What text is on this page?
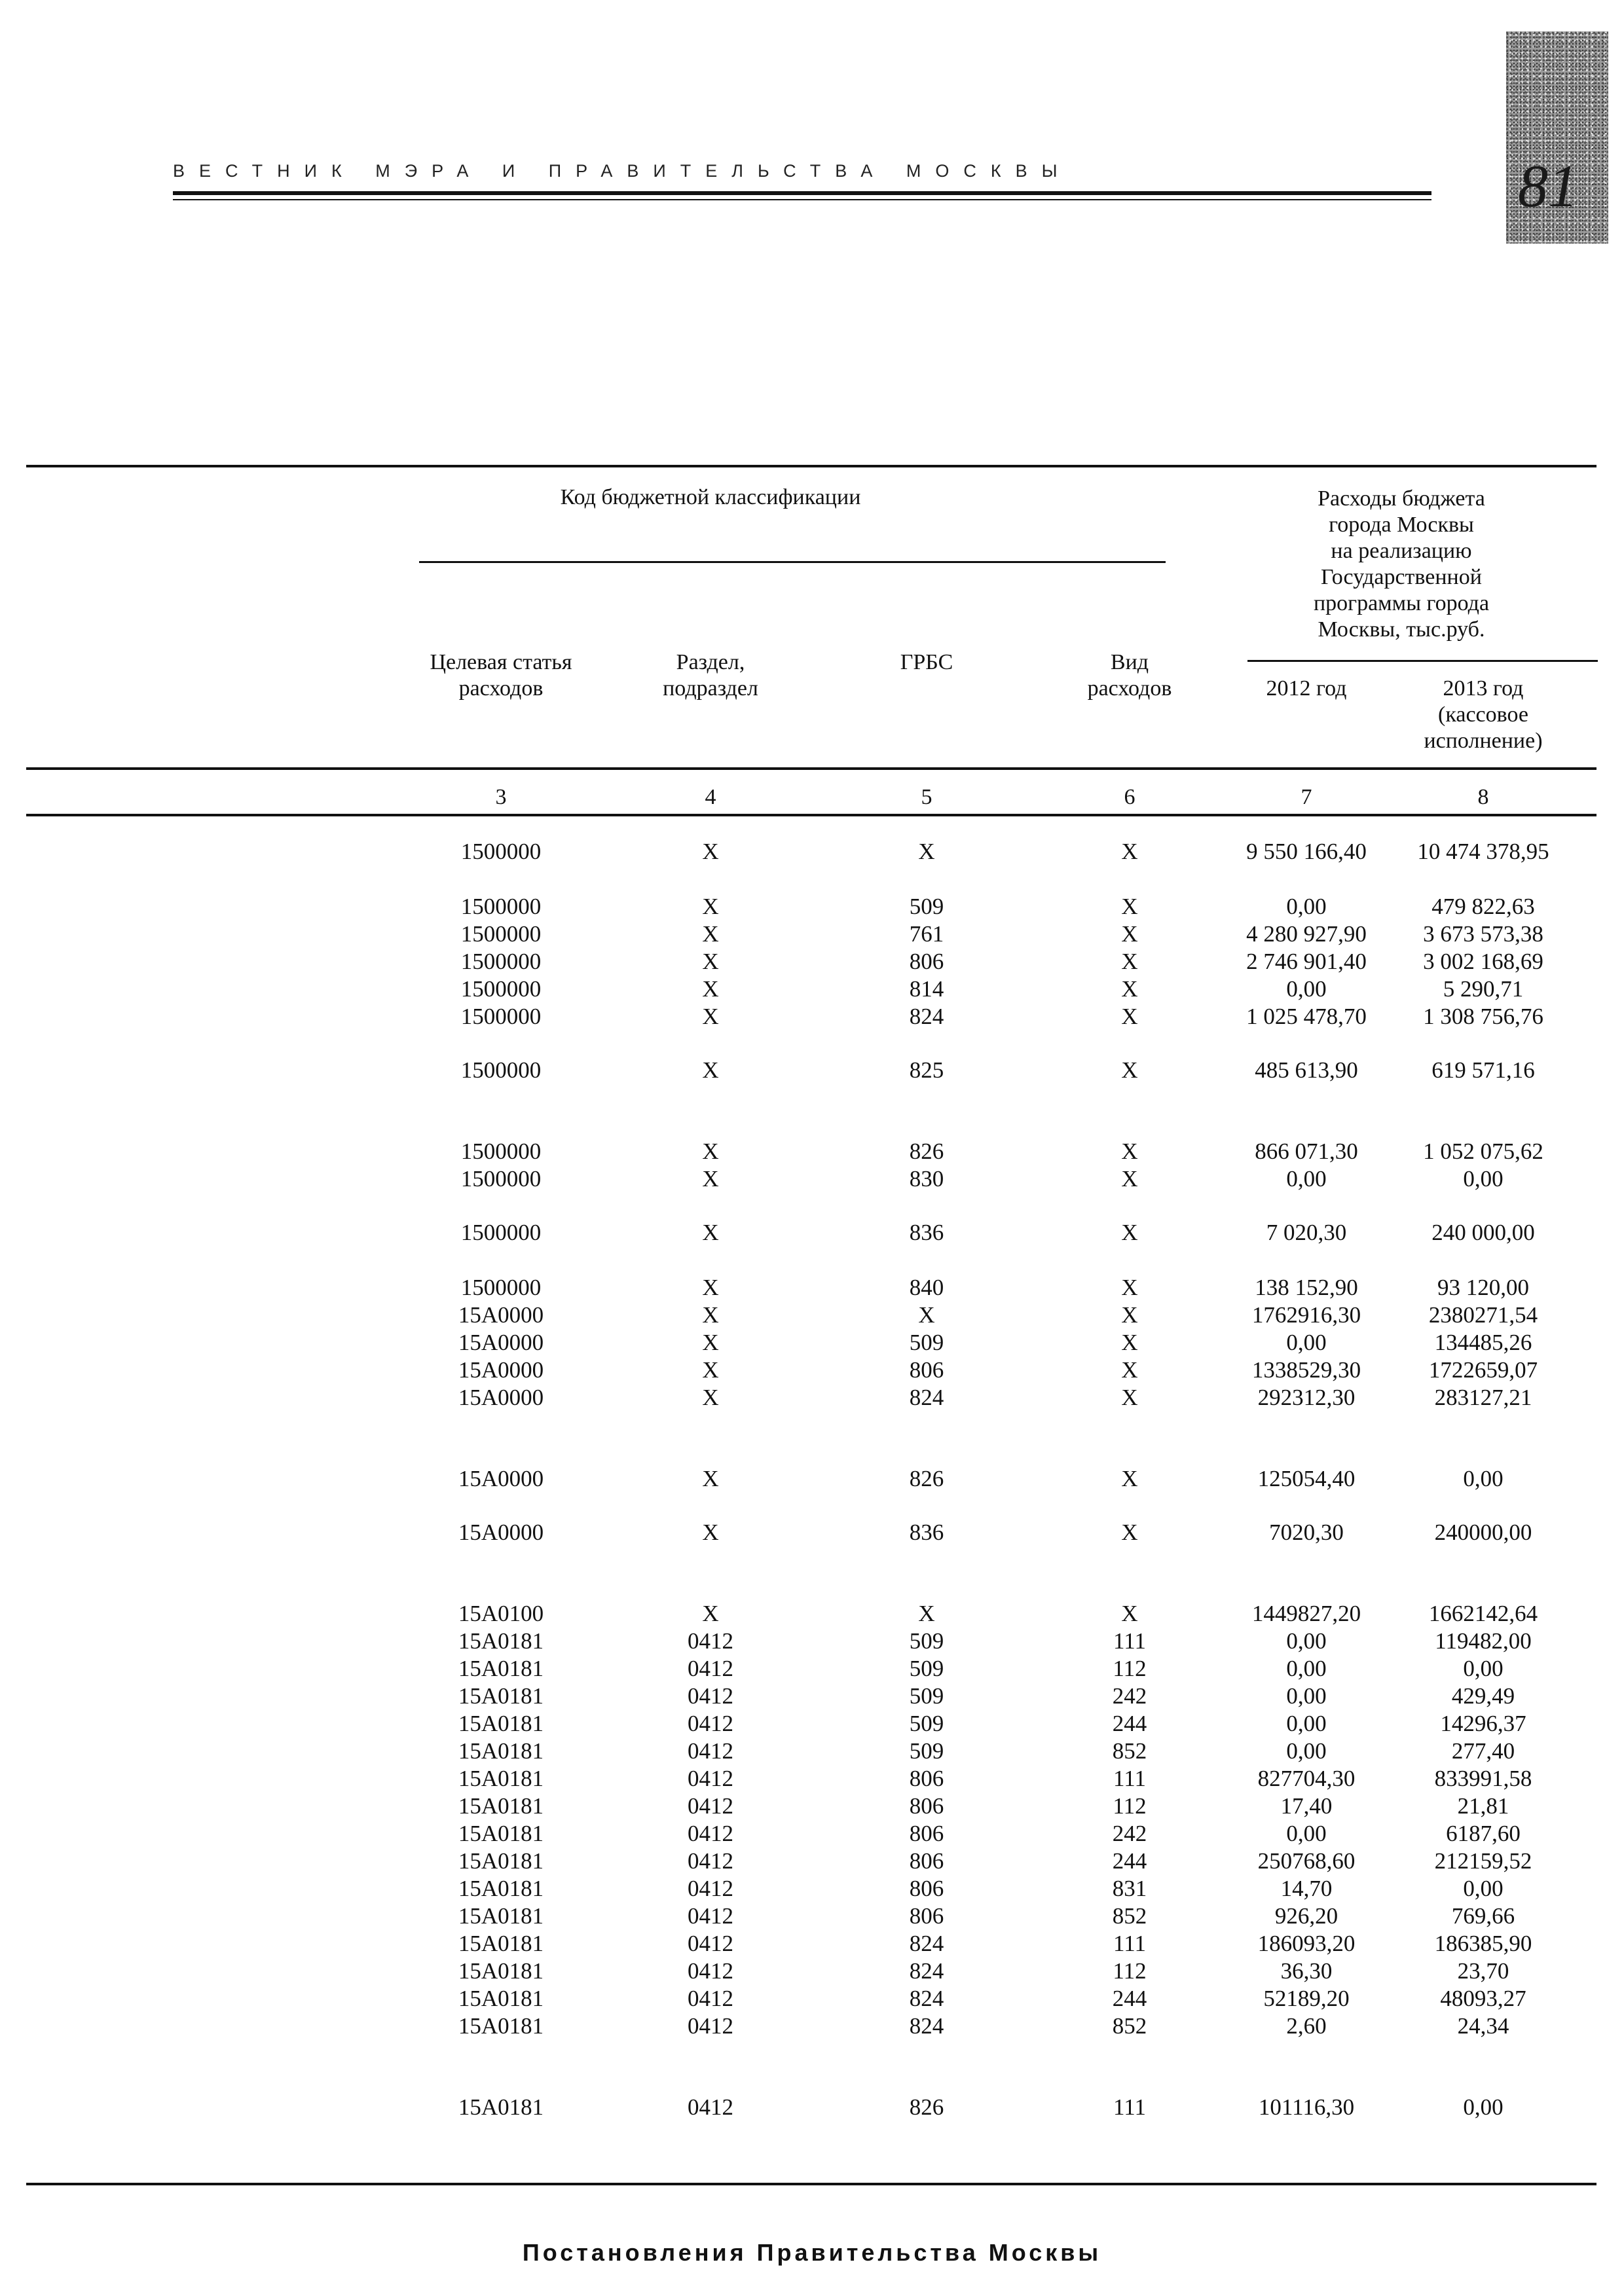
ВЕСТНИК МЭРА И ПРАВИТЕЛЬСТВА МОСКВЫ	81
Код бюджетной классификации	Расходы бюджета
города Москвы
на реализацию
Государственной
программы города
Москвы, тыс.руб.
Целевая статья
расходов
Раздел,
подраздел
ГРБС	Вид
расходов	2012 год	2013 год
(кассовое
исполнение)
3	4	5	6	7	8
1500000	X	X	X	9 550 166,40	10 474 378,95
1500000	X	509	X	0,00	479 822,63
1500000	X	761	X	4 280 927,90	3 673 573,38
1500000	X	806	X	2 746 901,40	3 002 168,69
1500000	X	814	X	0,00	5 290,71
1500000	X	824	X	1 025 478,70	1 308 756,76
1500000	X	825	X	485 613,90	619 571,16
1500000	X	826	X	866 071,30	1 052 075,62
1500000	X	830	X	0,00	0,00
1500000	X	836	X	7 020,30	240 000,00
1500000	X	840	X	138 152,90	93 120,00
15А0000	X	X	X	1762916,30	2380271,54
15А0000	X	509	X	0,00	134485,26
15А0000	X	806	X	1338529,30	1722659,07
15А0000	X	824	X	292312,30	283127,21
15А0000	X	826	X	125054,40	0,00
15А0000	X	836	X	7020,30	240000,00
15А0100	X	X	X	1449827,20	1662142,64
15А0181	0412	509	111	0,00	119482,00
15А0181	0412	509	112	0,00	0,00
15А0181	0412	509	242	0,00	429,49
15А0181	0412	509	244	0,00	14296,37
15А0181	0412	509	852	0,00	277,40
15А0181	0412	806	111	827704,30	833991,58
15А0181	0412	806	112	17,40	21,81
15А0181	0412	806	242	0,00	6187,60
15А0181	0412	806	244	250768,60	212159,52
15А0181	0412	806	831	14,70	0,00
15А0181	0412	806	852	926,20	769,66
15А0181	0412	824	111	186093,20	186385,90
15А0181	0412	824	112	36,30	23,70
15А0181	0412	824	244	52189,20	48093,27
15А0181	0412	824	852	2,60	24,34
15А0181	0412	826	111	101116,30	0,00
Постановления Правительства Москвы
